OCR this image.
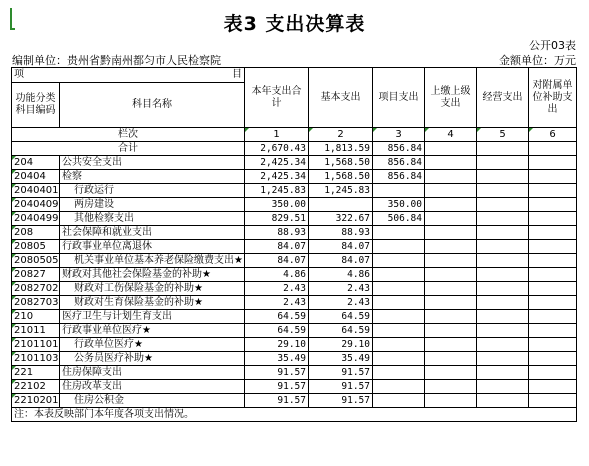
表3 支出决算表
公开03表
编制单位：贵州省黔南州都匀市人民检察院	金额单位：万元
项 目		本年支出合计	基本支出	项目支出	上缴上级支出	经营支出	对附属单位补助支出
功能分类科目编码	科目名称						
栏次		1	2	3	4	5	6
合计		2,670.43	1,813.59	856.84			
204	公共安全支出	2,425.34	1,568.50	856.84			
20404	检察	2,425.34	1,568.50	856.84			
2040401	行政运行	1,245.83	1,245.83				
2040409	两房建设	350.00		350.00			
2040499	其他检察支出	829.51	322.67	506.84			
208	社会保障和就业支出	88.93	88.93				
20805	行政事业单位离退休	84.07	84.07				
2080505	机关事业单位基本养老保险缴费支出★	84.07	84.07				
20827	财政对其他社会保险基金的补助★	4.86	4.86				
2082702	财政对工伤保险基金的补助★	2.43	2.43				
2082703	财政对生育保险基金的补助★	2.43	2.43				
210	医疗卫生与计划生育支出	64.59	64.59				
21011	行政事业单位医疗★	64.59	64.59				
2101101	行政单位医疗★	29.10	29.10				
2101103	公务员医疗补助★	35.49	35.49				
221	住房保障支出	91.57	91.57				
22102	住房改革支出	91.57	91.57				
2210201	住房公积金	91.57	91.57				
注：本表反映部门本年度各项支出情况。							
